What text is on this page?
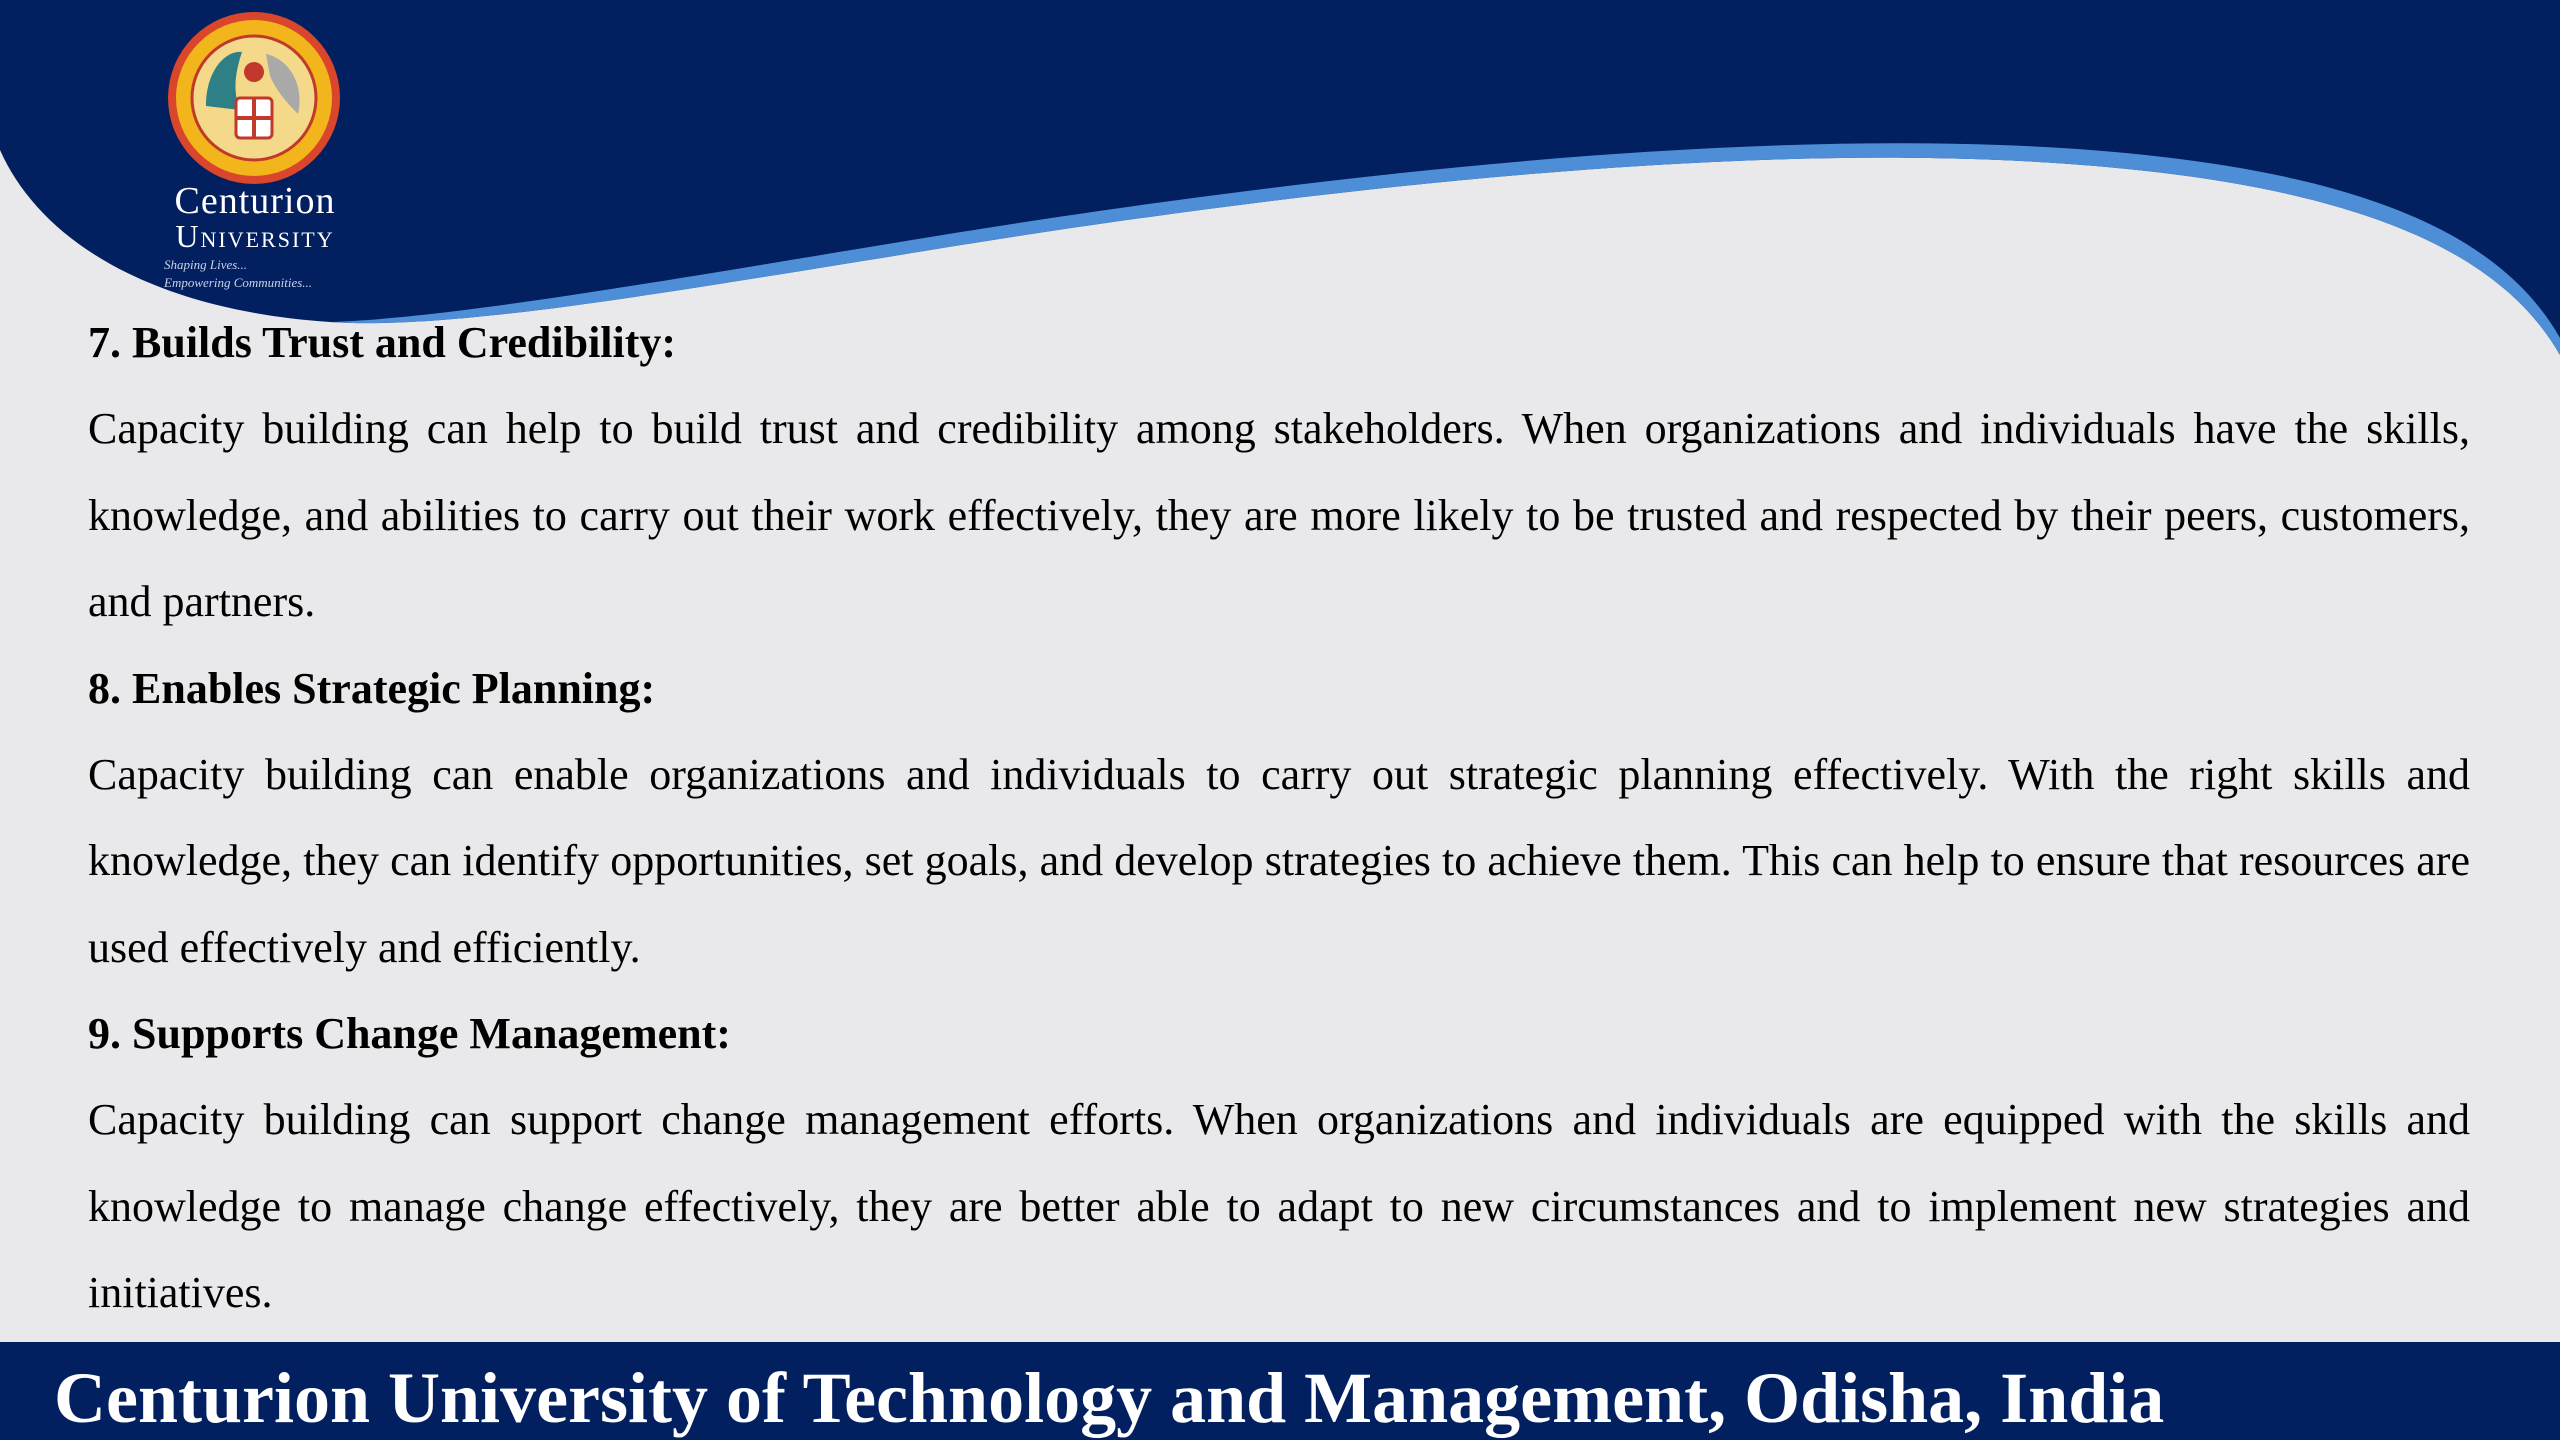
Centurion
University
Shaping Lives...
Empowering Communities...
7. Builds Trust and Credibility:

Capacity building can help to build trust and credibility among stakeholders. When organizations and individuals have the skills, knowledge, and abilities to carry out their work effectively, they are more likely to be trusted and respected by their peers, customers, and partners.

8. Enables Strategic Planning:

Capacity building can enable organizations and individuals to carry out strategic planning effectively. With the right skills and knowledge, they can identify opportunities, set goals, and develop strategies to achieve them. This can help to ensure that resources are used effectively and efficiently.

9. Supports Change Management:

Capacity building can support change management efforts. When organizations and individuals are equipped with the skills and knowledge to manage change effectively, they are better able to adapt to new circumstances and to implement new strategies and initiatives.

Centurion University of Technology and Management, Odisha, India
